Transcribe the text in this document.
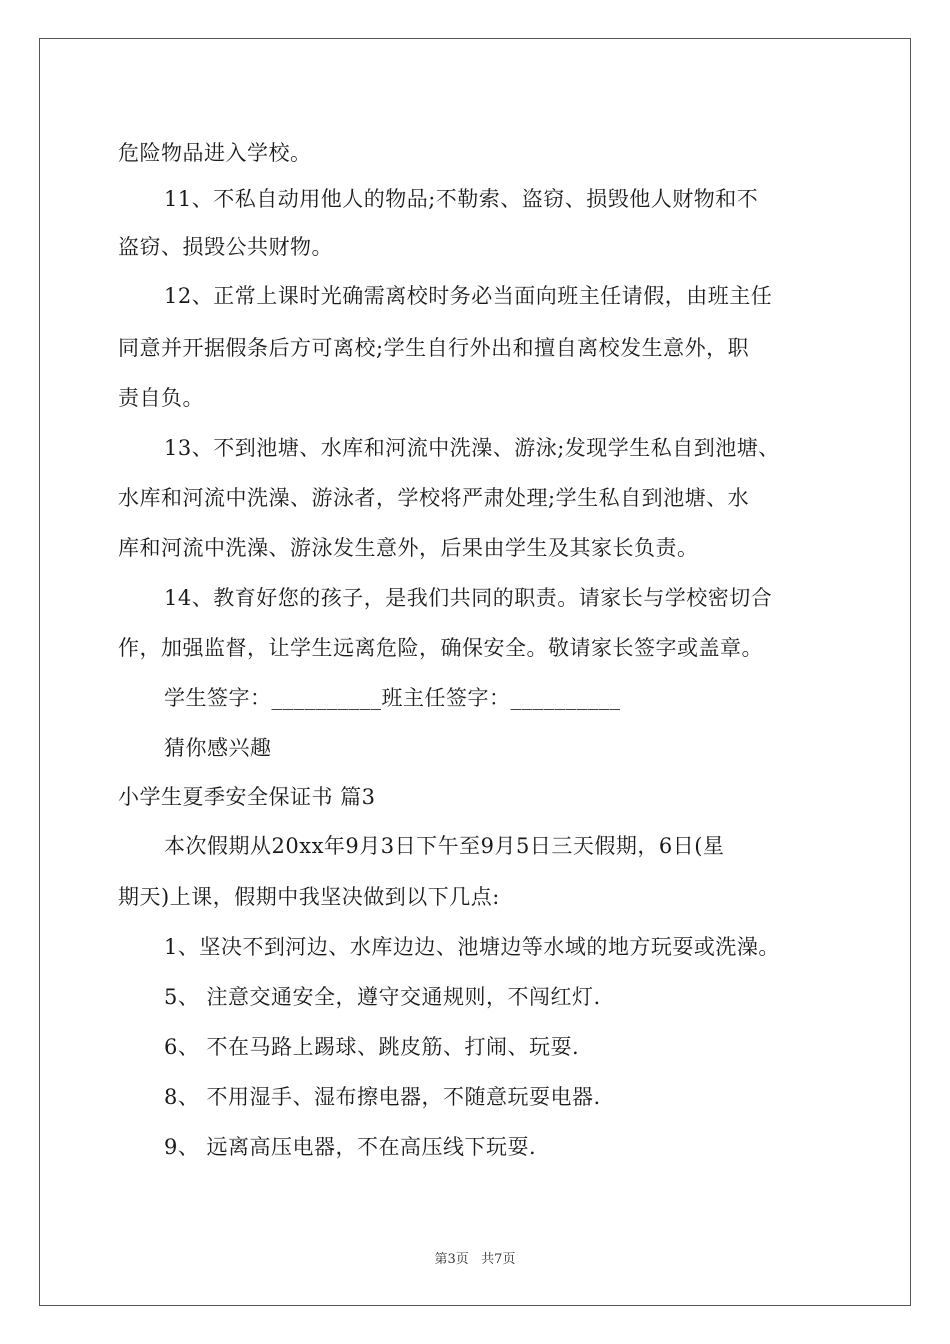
危险物品进入学校。
11、不私自动用他人的物品;不勒索、盗窃、损毁他人财物和不
盗窃、损毁公共财物。
12、正常上课时光确需离校时务必当面向班主任请假，由班主任
同意并开据假条后方可离校;学生自行外出和擅自离校发生意外，职
责自负。
13、不到池塘、水库和河流中洗澡、游泳;发现学生私自到池塘、
水库和河流中洗澡、游泳者，学校将严肃处理;学生私自到池塘、水
库和河流中洗澡、游泳发生意外，后果由学生及其家长负责。
14、教育好您的孩子，是我们共同的职责。请家长与学校密切合
作，加强监督，让学生远离危险，确保安全。敬请家长签字或盖章。
学生签字：__________班主任签字：__________
猜你感兴趣
小学生夏季安全保证书 篇3
本次假期从20xx年9月3日下午至9月5日三天假期，6日(星
期天)上课，假期中我坚决做到以下几点:
1、坚决不到河边、水库边边、池塘边等水域的地方玩耍或洗澡。
5、 注意交通安全，遵守交通规则，不闯红灯.
6、 不在马路上踢球、跳皮筋、打闹、玩耍.
8、 不用湿手、湿布擦电器，不随意玩耍电器.
9、 远离高压电器，不在高压线下玩耍.
第3页   共7页
